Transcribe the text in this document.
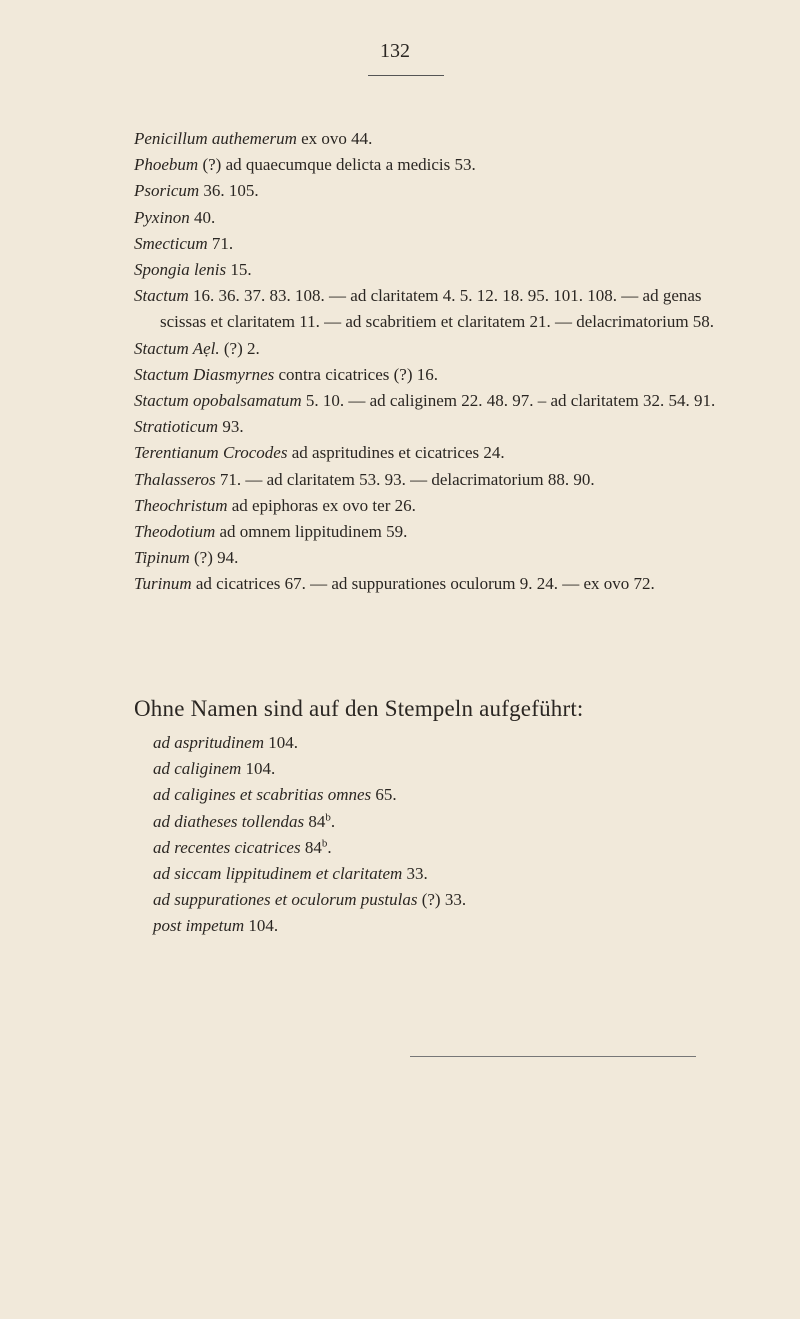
132
Penicillum authemerum ex ovo 44.
Phoebum (?) ad quaecumque delicta a medicis 53.
Psoricum 36. 105.
Pyxinon 40.
Smecticum 71.
Spongia lenis 15.
Stactum 16. 36. 37. 83. 108. — ad claritatem 4. 5. 12. 18. 95. 101. 108. — ad genas scissas et claritatem 11. — ad scabritiem et claritatem 21. — delacrimatorium 58.
Stactum Aẹl. (?) 2.
Stactum Diasmyrnes contra cicatrices (?) 16.
Stactum opobalsamatum 5. 10. — ad caliginem 22. 48. 97. – ad claritatem 32. 54. 91.
Stratioticum 93.
Terentianum Crocodes ad aspritudines et cicatrices 24.
Thalasseros 71. — ad claritatem 53. 93. — delacrimatorium 88. 90.
Theochristum ad epiphoras ex ovo ter 26.
Theodotium ad omnem lippitudinem 59.
Tipinum (?) 94.
Turinum ad cicatrices 67. — ad suppurationes oculorum 9. 24. — ex ovo 72.
Ohne Namen sind auf den Stempeln aufgeführt:
ad aspritudinem 104.
ad caliginem 104.
ad caligines et scabritias omnes 65.
ad diatheses tollendas 84$^b$.
ad recentes cicatrices 84$^b$.
ad siccam lippitudinem et claritatem 33.
ad suppurationes et oculorum pustulas (?) 33.
post impetum 104.
